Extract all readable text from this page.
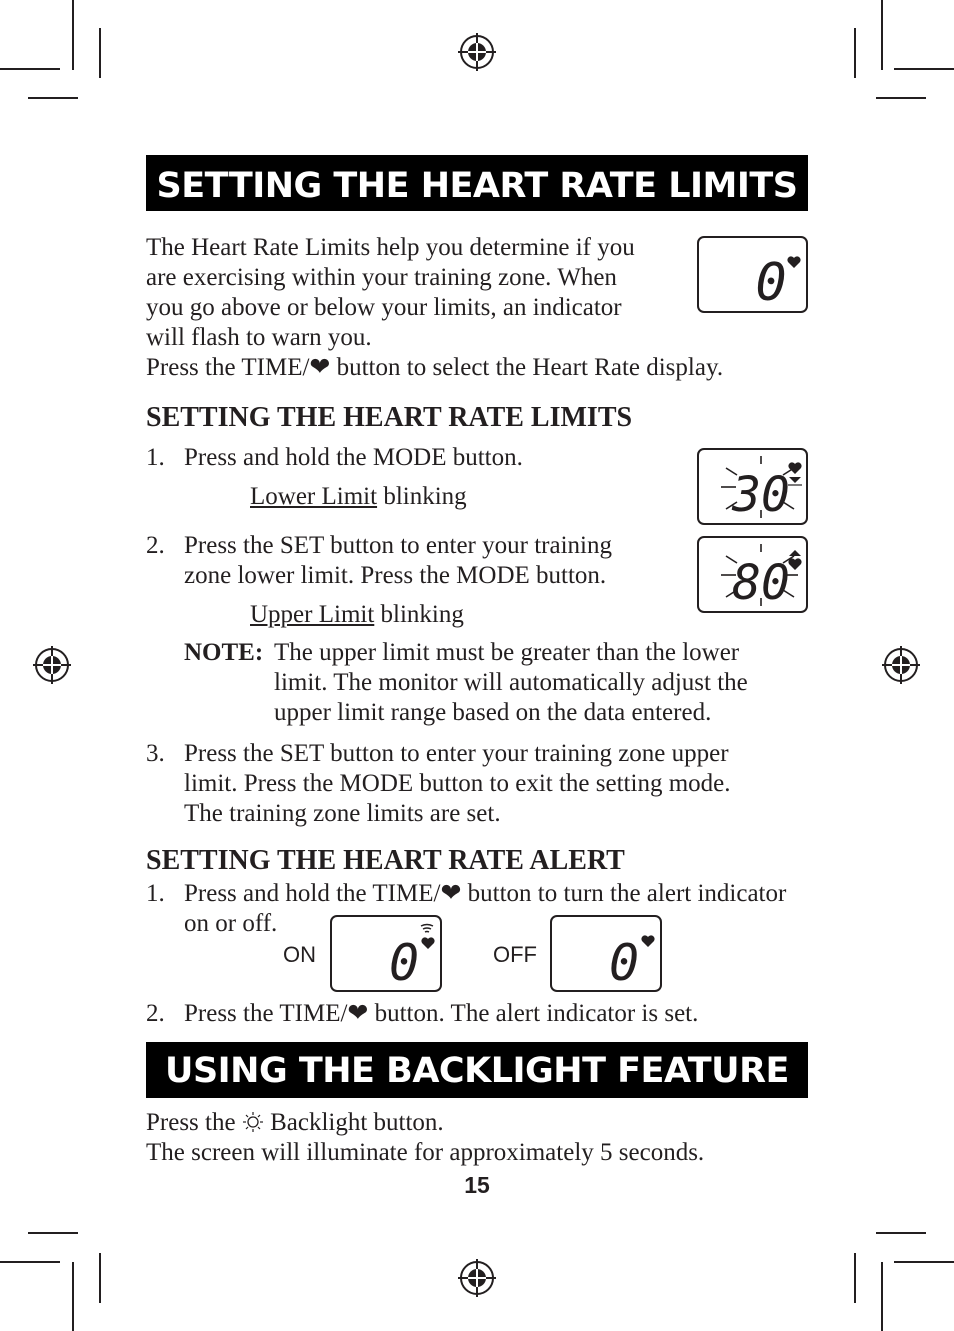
SETTING THE HEART RATE LIMITS
The Heart Rate Limits help you determine if you
are exercising within your training zone. When
you go above or below your limits, an indicator
will flash to warn you.
Press the TIME/❤ button to select the Heart Rate display.
0
SETTING THE HEART RATE LIMITS
1. Press and hold the MODE button.
Lower Limit blinking	30
2. Press the SET button to enter your training
zone lower limit. Press the MODE button.
Upper Limit blinking
80
NOTE: The upper limit must be greater than the lower
limit. The monitor will automatically adjust the
upper limit range based on the data entered.
3. Press the SET button to enter your training zone upper
limit. Press the MODE button to exit the setting mode.
The training zone limits are set.
SETTING THE HEART RATE ALERT
1. Press and hold the TIME/❤ button to turn the alert indicator
on or off.
ON 0	OFF 0
2. Press the TIME/❤ button. The alert indicator is set.
USING THE BACKLIGHT FEATURE
Press the  Backlight button.
The screen will illuminate for approximately 5 seconds.
15
